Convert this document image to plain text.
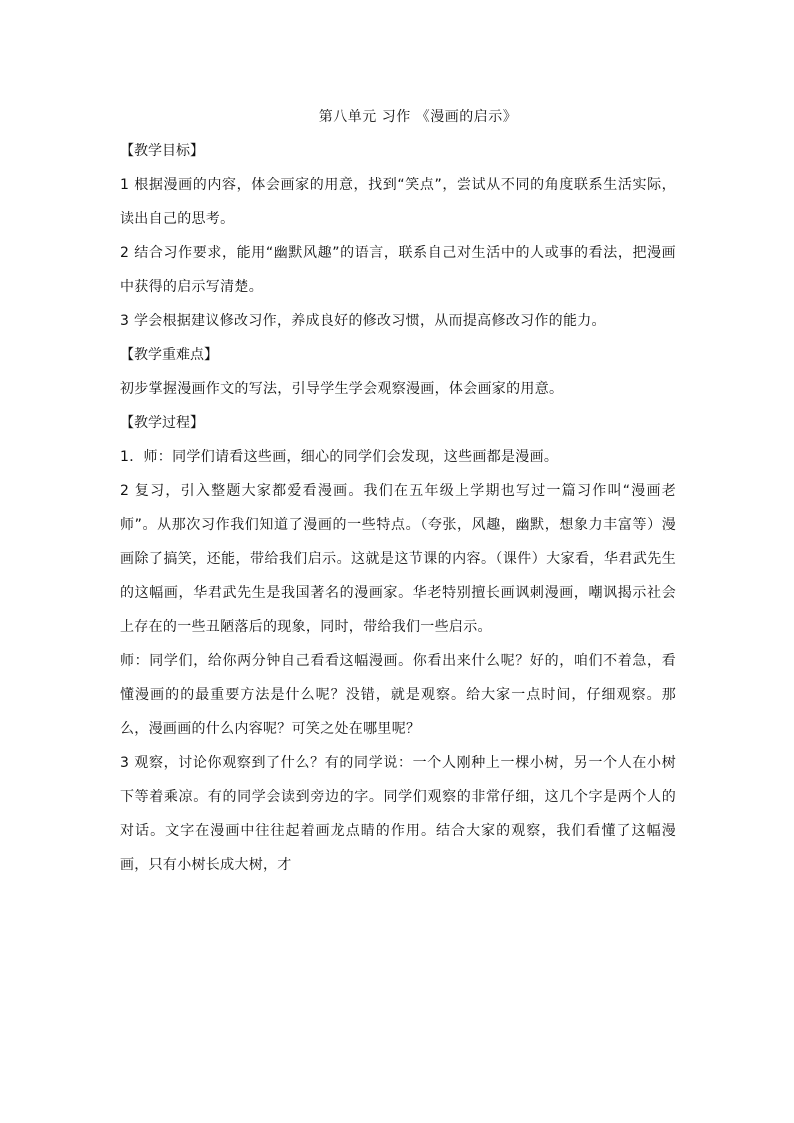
第八单元 习作 《漫画的启示》
【教学目标】

1 根据漫画的内容，体会画家的用意，找到“笑点”，尝试从不同的角度联系生活实际，读出自己的思考。

2 结合习作要求，能用“幽默风趣”的语言，联系自己对生活中的人或事的看法，把漫画中获得的启示写清楚。

3 学会根据建议修改习作，养成良好的修改习惯，从而提高修改习作的能力。

【教学重难点】

初步掌握漫画作文的写法，引导学生学会观察漫画，体会画家的用意。

【教学过程】

1．师：同学们请看这些画，细心的同学们会发现，这些画都是漫画。

2 复习，引入整题大家都爱看漫画。我们在五年级上学期也写过一篇习作叫“漫画老师”。从那次习作我们知道了漫画的一些特点。（夸张，风趣，幽默，想象力丰富等）漫画除了搞笑，还能，带给我们启示。这就是这节课的内容。（课件）大家看，华君武先生的这幅画，华君武先生是我国著名的漫画家。华老特别擅长画讽刺漫画，嘲讽揭示社会上存在的一些丑陋落后的现象，同时，带给我们一些启示。

师：同学们，给你两分钟自己看看这幅漫画。你看出来什么呢？好的，咱们不着急，看懂漫画的的最重要方法是什么呢？没错，就是观察。给大家一点时间，仔细观察。那么，漫画画的什么内容呢？可笑之处在哪里呢？

3 观察，讨论你观察到了什么？有的同学说：一个人刚种上一棵小树，另一个人在小树下等着乘凉。有的同学会读到旁边的字。同学们观察的非常仔细，这几个字是两个人的对话。文字在漫画中往往起着画龙点睛的作用。结合大家的观察，我们看懂了这幅漫画，只有小树长成大树，才
